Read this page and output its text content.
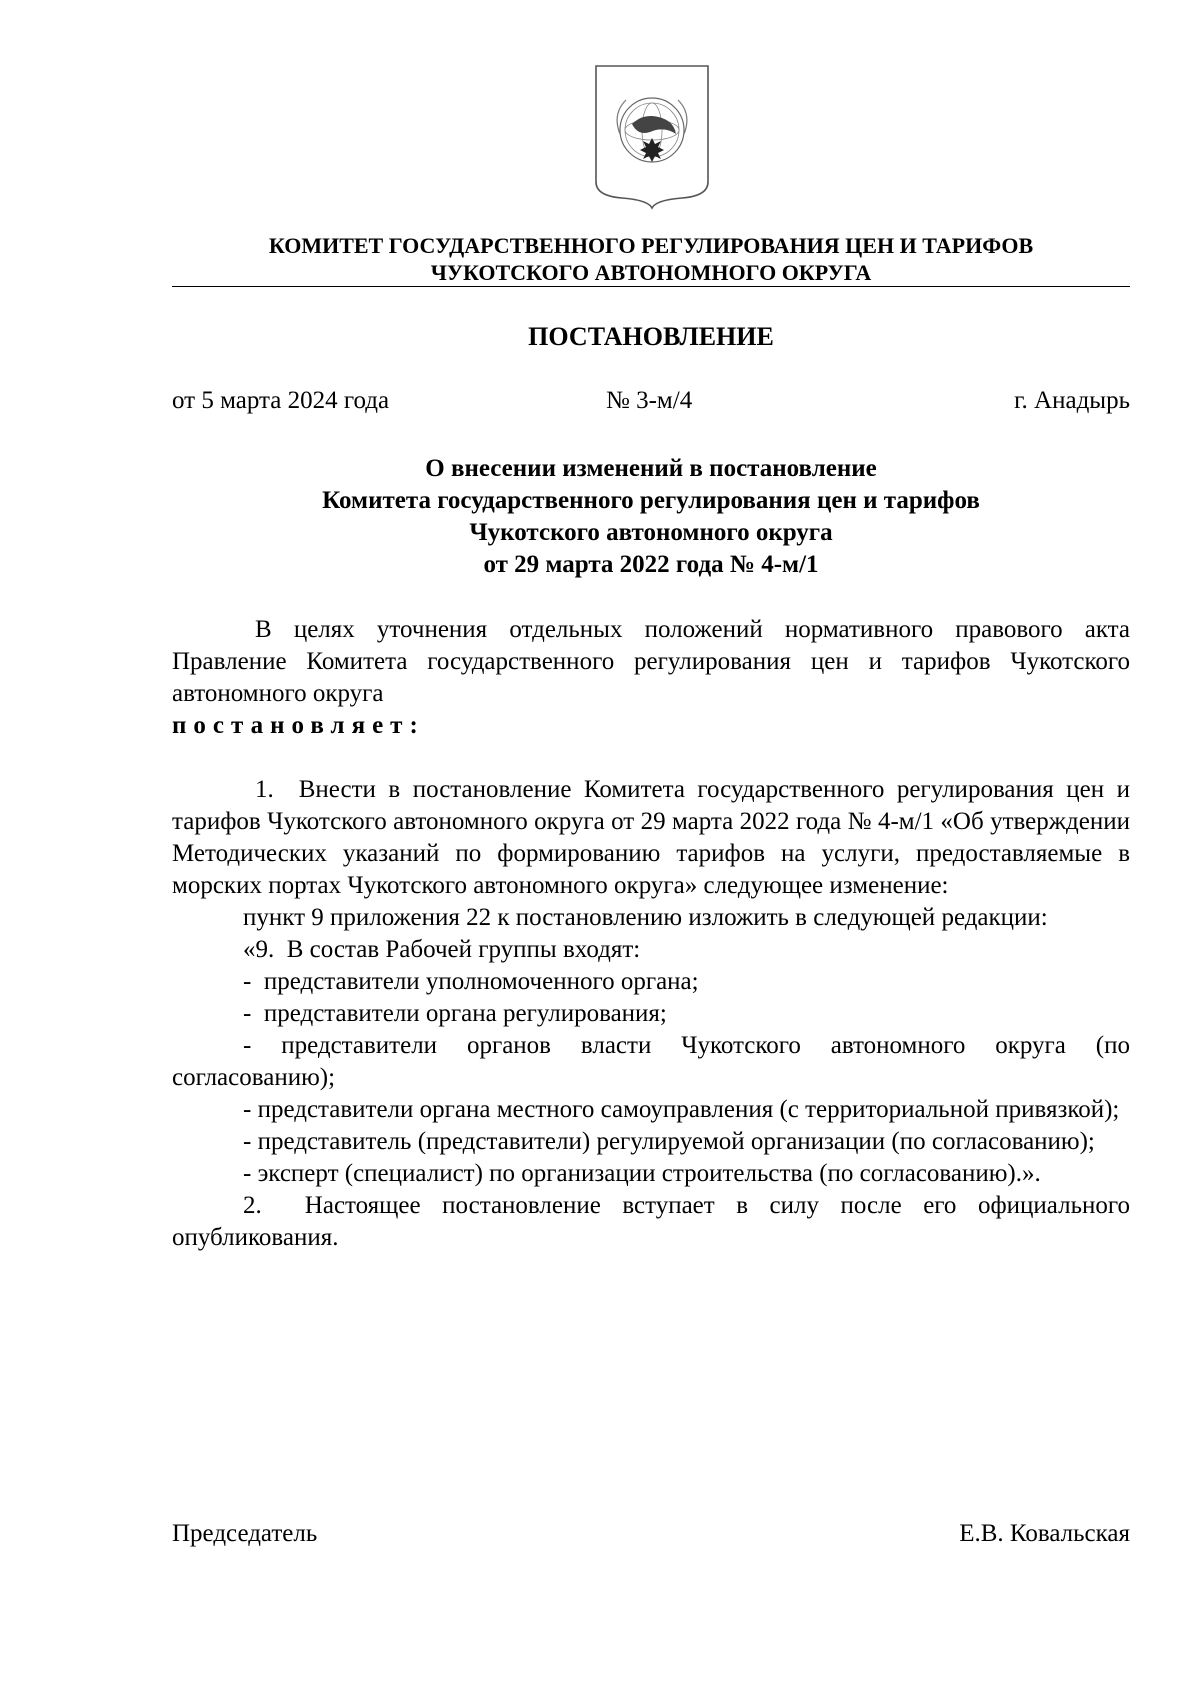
КОМИТЕТ ГОСУДАРСТВЕННОГО РЕГУЛИРОВАНИЯ ЦЕН И ТАРИФОВ
ЧУКОТСКОГО АВТОНОМНОГО ОКРУГА
ПОСТАНОВЛЕНИЕ
от 5 марта 2024 года	№ 3-м/4	г. Анадырь
О внесении изменений в постановление
Комитета государственного регулирования цен и тарифов
Чукотского автономного округа
от 29 марта 2022 года № 4-м/1

В целях уточнения отдельных положений нормативного правового акта Правление Комитета государственного регулирования цен и тарифов Чукотского автономного округа

постановляет:

1.  Внести в постановление Комитета государственного регулирования цен и тарифов Чукотского автономного округа от 29 марта 2022 года № 4-м/1 «Об утверждении Методических указаний по формированию тарифов на услуги, предоставляемые в морских портах Чукотского автономного округа» следующее изменение:

пункт 9 приложения 22 к постановлению изложить в следующей редакции:

«9.  В состав Рабочей группы входят:

-  представители уполномоченного органа;

-  представители органа регулирования;

- представители органов власти Чукотского автономного округа (по согласованию);

- представители органа местного самоуправления (с территориальной привязкой);

- представитель (представители) регулируемой организации (по согласованию);

- эксперт (специалист) по организации строительства (по согласованию).».

2.  Настоящее постановление вступает в силу после его официального опубликования.

Председатель	Е.В. Ковальская
